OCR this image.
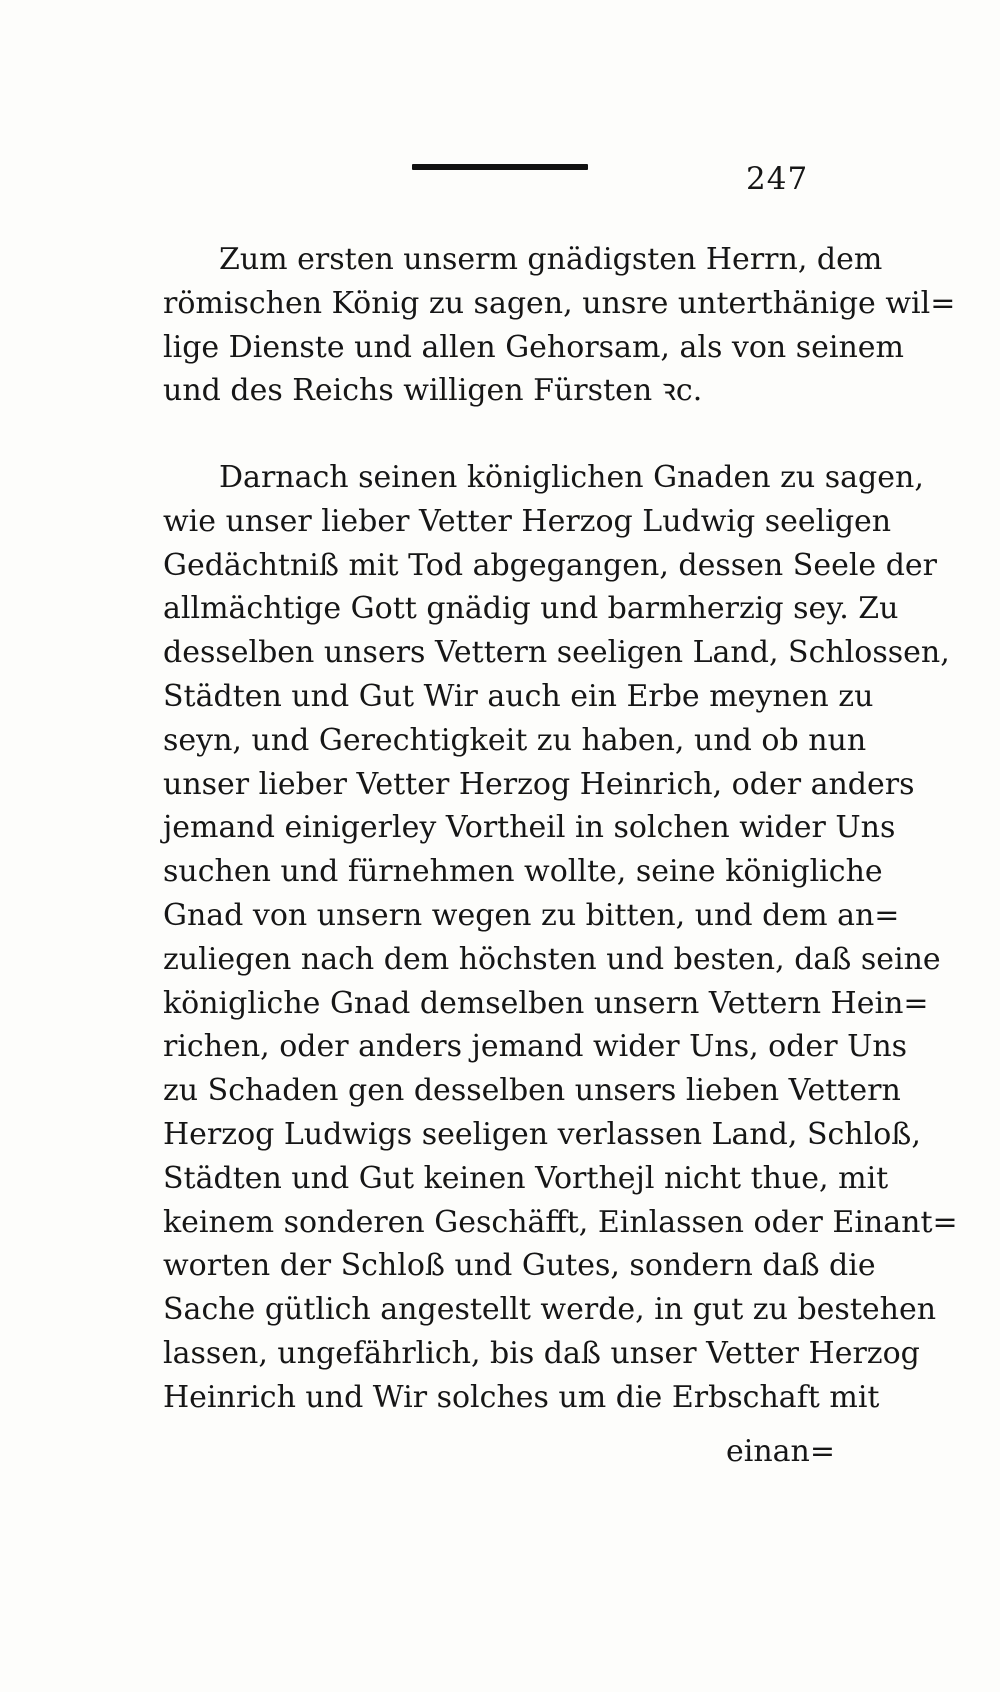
247
Zum ersten unserm gnädigsten Herrn, dem
römischen König zu sagen, unsre unterthänige wil=
lige Dienste und allen Gehorsam, als von seinem
und des Reichs willigen Fürsten ꝛc.
Darnach seinen königlichen Gnaden zu sagen,
wie unser lieber Vetter Herzog Ludwig seeligen
Gedächtniß mit Tod abgegangen, dessen Seele der
allmächtige Gott gnädig und barmherzig sey. Zu
desselben unsers Vettern seeligen Land, Schlossen,
Städten und Gut Wir auch ein Erbe meynen zu
seyn, und Gerechtigkeit zu haben, und ob nun
unser lieber Vetter Herzog Heinrich, oder anders
jemand einigerley Vortheil in solchen wider Uns
suchen und fürnehmen wollte, seine königliche
Gnad von unsern wegen zu bitten, und dem an=
zuliegen nach dem höchsten und besten, daß seine
königliche Gnad demselben unsern Vettern Hein=
richen, oder anders jemand wider Uns, oder Uns
zu Schaden gen desselben unsers lieben Vettern
Herzog Ludwigs seeligen verlassen Land, Schloß,
Städten und Gut keinen Vorthejl nicht thue, mit
keinem sonderen Geschäfft, Einlassen oder Einant=
worten der Schloß und Gutes, sondern daß die
Sache gütlich angestellt werde, in gut zu bestehen
lassen, ungefährlich, bis daß unser Vetter Herzog
Heinrich und Wir solches um die Erbschaft mit
einan=
